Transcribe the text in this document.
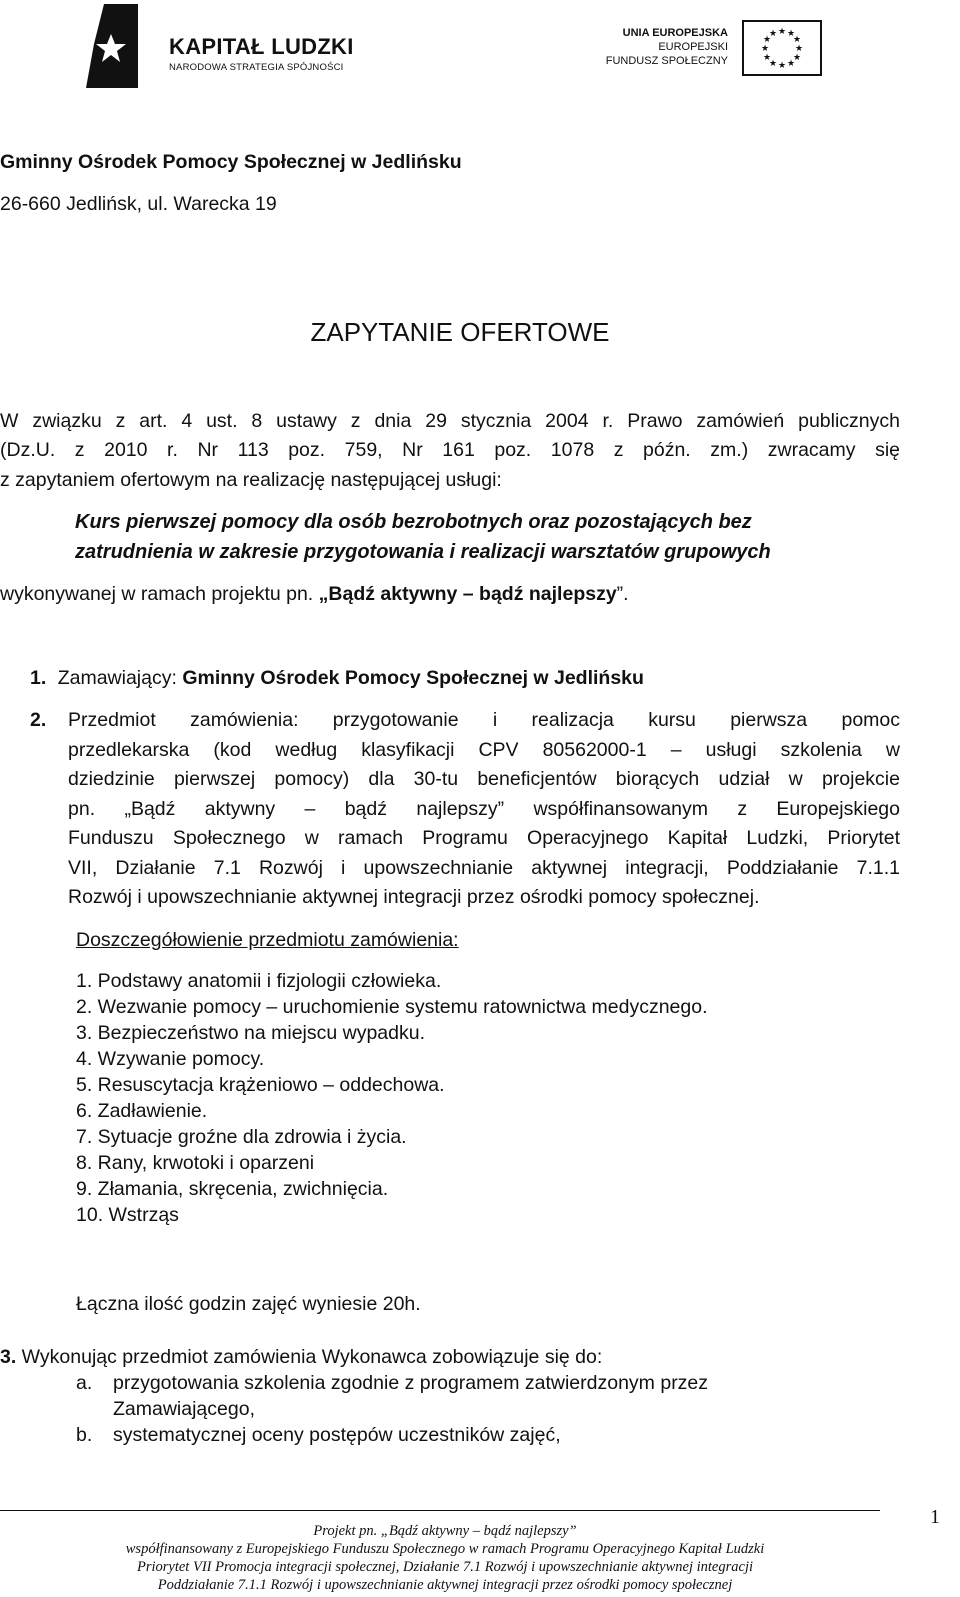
KAPITAŁ LUDZKI
NARODOWA STRATEGIA SPÓJNOŚCI
UNIA EUROPEJSKA
EUROPEJSKI
FUNDUSZ SPOŁECZNY
★ ★
★
★
★
★
★
★
★
★
★
★
Gminny Ośrodek Pomocy Społecznej w Jedlińsku
26-660 Jedlińsk, ul. Warecka 19
ZAPYTANIE OFERTOWE
W związku z art. 4 ust. 8 ustawy z dnia 29 stycznia 2004 r. Prawo zamówień publicznych
(Dz.U. z 2010 r. Nr 113 poz. 759, Nr 161 poz. 1078 z późn. zm.) zwracamy się
z zapytaniem ofertowym na realizację następującej usługi:
Kurs pierwszej pomocy dla osób bezrobotnych oraz pozostających bez
zatrudnienia w zakresie przygotowania i realizacji warsztatów grupowych
wykonywanej w ramach projektu pn. „Bądź aktywny – bądź najlepszy”.
1. Zamawiający: Gminny Ośrodek Pomocy Społecznej w Jedlińsku
2. Przedmiot zamówienia: przygotowanie i realizacja kursu pierwsza pomoc
przedlekarska (kod według klasyfikacji CPV 80562000-1 – usługi szkolenia w
dziedzinie pierwszej pomocy) dla 30-tu beneficjentów biorących udział w projekcie
pn. „Bądź aktywny – bądź najlepszy” współfinansowanym z Europejskiego
Funduszu Społecznego w ramach Programu Operacyjnego Kapitał Ludzki, Priorytet
VII, Działanie 7.1 Rozwój i upowszechnianie aktywnej integracji, Poddziałanie 7.1.1
Rozwój i upowszechnianie aktywnej integracji przez ośrodki pomocy społecznej.
Doszczegółowienie przedmiotu zamówienia:
1. Podstawy anatomii i fizjologii człowieka.
2. Wezwanie pomocy – uruchomienie systemu ratownictwa medycznego.
3. Bezpieczeństwo na miejscu wypadku.
4. Wzywanie pomocy.
5. Resuscytacja krążeniowo – oddechowa.
6. Zadławienie.
7. Sytuacje groźne dla zdrowia i życia.
8. Rany, krwotoki i oparzeni
9. Złamania, skręcenia, zwichnięcia.
10. Wstrząs
Łączna ilość godzin zajęć wyniesie 20h.
3. Wykonując przedmiot zamówienia Wykonawca zobowiązuje się do:
a. przygotowania szkolenia zgodnie z programem zatwierdzonym przez
Zamawiającego,
b. systematycznej oceny postępów uczestników zajęć,
Projekt pn. „Bądź aktywny – bądź najlepszy”
współfinansowany z Europejskiego Funduszu Społecznego w ramach Programu Operacyjnego Kapitał Ludzki
Priorytet VII Promocja integracji społecznej, Działanie 7.1 Rozwój i upowszechnianie aktywnej integracji
Poddziałanie 7.1.1 Rozwój i upowszechnianie aktywnej integracji przez ośrodki pomocy społecznej
1
